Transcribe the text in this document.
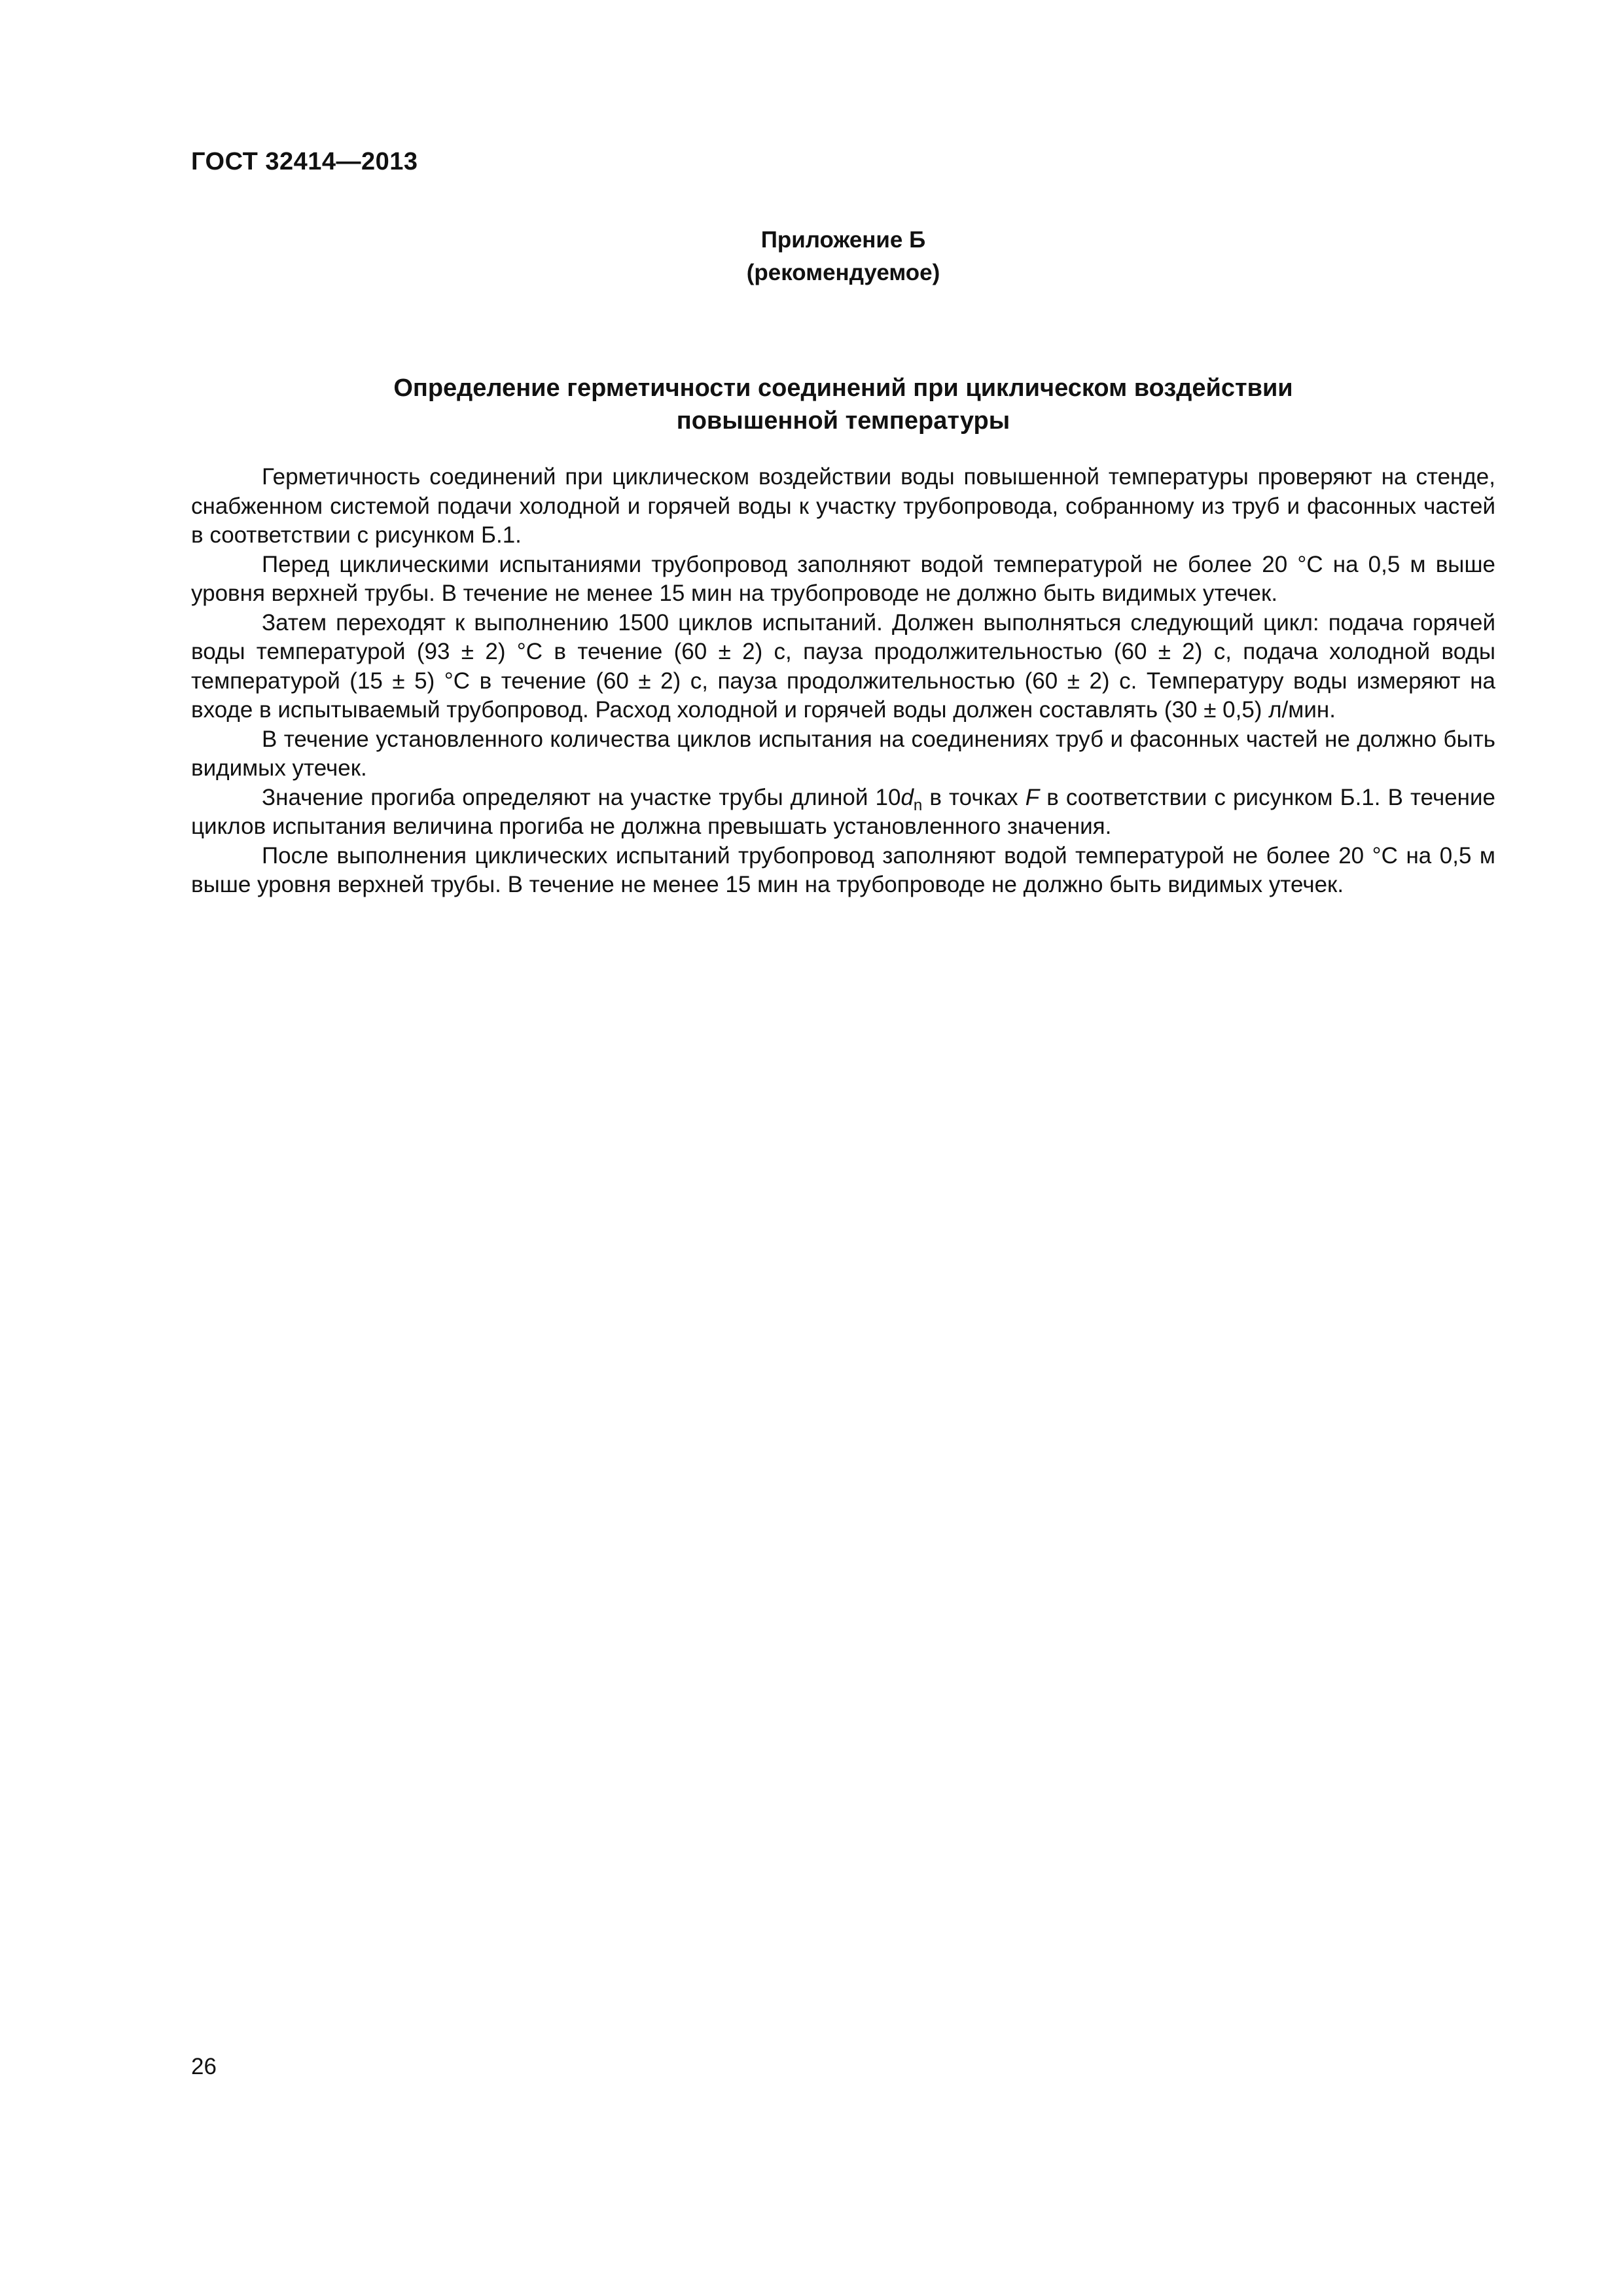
ГОСТ 32414—2013
Приложение Б
(рекомендуемое)
Определение герметичности соединений при циклическом воздействии
повышенной температуры

Герметичность соединений при циклическом воздействии воды повышенной температуры проверяют на стенде, снабженном системой подачи холодной и горячей воды к участку трубопровода, собранному из труб и фасонных частей в соответствии с рисунком Б.1.

Перед циклическими испытаниями трубопровод заполняют водой температурой не более 20 °С на 0,5 м выше уровня верхней трубы. В течение не менее 15 мин на трубопроводе не должно быть видимых утечек.

Затем переходят к выполнению 1500 циклов испытаний. Должен выполняться следующий цикл: подача горячей воды температурой (93 ± 2) °С в течение (60 ± 2) с, пауза продолжительностью (60 ± 2) с, подача холодной воды температурой (15 ± 5) °С в течение (60 ± 2) с, пауза продолжительностью (60 ± 2) с. Температуру воды измеряют на входе в испытываемый трубопровод. Расход холодной и горячей воды должен составлять (30 ± 0,5) л/мин.

В течение установленного количества циклов испытания на соединениях труб и фасонных частей не должно быть видимых утечек.

Значение прогиба определяют на участке трубы длиной $10d_n$ в точках F в соответствии с рисунком Б.1. В течение циклов испытания величина прогиба не должна превышать установленного значения.

После выполнения циклических испытаний трубопровод заполняют водой температурой не более 20 °С на 0,5 м выше уровня верхней трубы. В течение не менее 15 мин на трубопроводе не должно быть видимых утечек.

26
